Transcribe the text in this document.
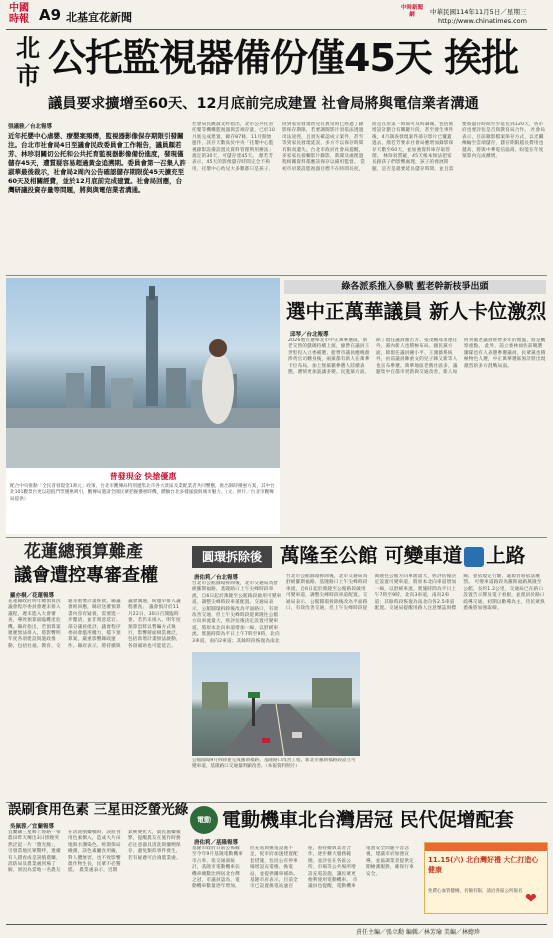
中國時報 A9 北基宜花新聞
中時新聞網	中華民國114年11月5日／星期三
http://www.chinatimes.com
北市 公托監視器備份僅45天 挨批
議員要求擴增至60天、12月底前完成建置 社會局將與電信業者溝通
張議雅／台北報導
近年托嬰中心虐嬰、療嬰案頻傳，監視器影像保存期限引發關注。台北市社會局4日至議會民政委員會工作報告，議員顏若芳、林珍羽關切公托和公共托育監視器影像備份進度，發現僅儲存45天，遭質疑容易超過黃金追溯期。委員會第一召集人許淑華最後裁示，社會局2周內公告確認儲存期限從45天擴充至60天及相關經費，並於12月底前完成建置。社會局回應，台灣研議投資存量等問題，將與與電信業者溝通。
社會局長姚淑文昨指出，北市公共托育托嬰等機構監視器與雲端存量，已於10月底完成建置，錄存87條，11月開始運作，該存天數高於中央「托嬰中心監視錄影設備設置及資料管理利用辦法」規定的30天，可儲存達45天。 顏若芳表示，45天的影像儲存時間完全不夠用，托嬰中心幼兒大多數都只是孩子，回到家常發現幼兒有異常時已經過了錄影保存期限，若要調閱影片須依法透過司法途徑，且須先確認成立案件，甚至等到家長發現延誤，多方不以保存時間有限而遺失。台北市政府社會局提醒，多家家長接觸影片錄影，新聞及處理過程相關資料都應該保存以備用監督。 當初市府裝設監視器目標不在時間長度，而是在於第一時間可及時調閱，包括新增設計劃合有關鍵片段，甚至發生事件後，4月調查發現案件部分影片已覆蓋過去，顏若芳要求社會局應增加錄影保存天數至60天，並加強資料庫存取管理。 林珍羽質疑，45天根本無法把家長跟孩子們影響處理，孩子的發展問題，是否是就要延長儲存時間，並且需要將儲存時間至少延長到120天，各市府也要評估是否與教育局合作。 社會局表示，目前錄影檔案保存方式，以光纖傳輸至雲端儲存，儲存期限越長費用也越高，將與中華電信協商，盼能在年度預算內完成擴增。
普發現金 快搶優惠
配合中央推動「全民普發現金1萬元」政策，台北市觀傳局特別邀集北市各大景區及業配業者共同響應，推出限時優惠方案，其中台北101觀景台更以超值門票優惠吸引，觀傳局邀請全國民眾把握優惠時機，體驗台北多樣風貌與城市魅力。（文、照片／台北市觀傳局提供）
綠各派系推入參戰 藍老幹新枝爭出頭
選中正萬華議員 新人卡位激烈
邱琴／台北報導
2026地方選舉北市中正萬華選區，新老交替的戲碼持續上演，綠營在議員王世堅投入立委補選、藍營市議員應曉薇涉貪官司纏身後，兩黨都有新人在萬華卡位布局，加上無黨籍參選人陸續表態，選情更加詭譎多變。民進黨方面，除了現任議員顏若芳、張茂楠尋求連任外，黨內新人也積極布局。國民黨方面，除現任議員鍾小平、王鴻薇系統外，由前議員陳重文的兒子陳又新等人也宣布參選。萬華地區老舊社區多，議題集中在都市更新與交通改善，新人如何突破老議員經營多年的地盤，將是觀察重點。 此外，前立委林昶佐前競選團隊也有人表態參選議員，民眾黨也積極物色人選，中正萬華選區預計將出現激烈的多方混戰局面。
花蓮總預算難產
議會遭控專審查權
羅亦桐／花蓮報導
花蓮縣政府明年總預算因議會程序委員會遲未排入議程，遲未進入大會審查，導致預算面臨難產危機。縣府指出，若預算案遲遲無法排入，將影響明年度各項建設與施政推動，包括社福、教育、交通等重要計畫經費。縣議會則回應，縣府送審預算書內容有疑義，需要進一步釐清，並非刻意延宕。部分議員批評，議會程序委員會濫用權力，擋下預算案，嚴重影響縣政運作。縣府表示，將持續與議會溝通，盼儘早排入議程審查。 議會預計於11月22日、30日召開臨時會，若仍未排入，明年度預算恐將以暫編方式執行，影響層面相當廣泛，包括新增計畫無法啟動，各項補助也可能延宕。
圓環拆除後 萬隆至公館 可變車道 上路
唐佑莉／台北報導
台北市公館圓環拆除後，北市交通局為舒緩羅斯福路、基隆路口上午尖峰時段車流，自6日起於萬隆至公館路段啟用可變車道，調整尖峰時段車道配置。交通局表示，公館圓環拆除後改為平面路口，有效改善交通，但上午尖峰時段從萬隆往公館方向車流量大，經評估後決定設置可變車道，將原本北向車道增加一線，以舒緩車流。實施時間為平日上午7時至9時，北向3車道，南向2車道；其餘時段恢復為南北
台北市公館圓環拆除後，北市交通局為舒緩羅斯福路、基隆路口上午尖峰時段車流，自6日起於萬隆至公館路段啟用可變車道，調整尖峰時段車道配置。交通局表示，公館圓環拆除後改為平面路口，有效改善交通，但上午尖峰時段從萬隆往公館方向車流量大，經評估後決定設置可變車道，將原本北向車道增加一線，以舒緩車流。實施時間為平日上午7時至9時，北向3車道，南向2車道；其餘時段恢復為南北向各2.5車道配置。交通局提醒用路人注意號誌與標線，並依規定行駛，違規者將依法處罰。 可變車道路段為羅斯福路萬隆至公館，長約1.2公里，交通局已在路口設置告示牌及電子看板，並派員於路口疏導交通，初期以勸導為主，待民眾熟悉後將加強取締。
公館圓環9月拆除並完成羅斯福路、基隆路口改善工程，新北市羅斯福路段設立可變車道，基隆路口交通量明顯改善。（本報資料照片）
誤刷食用色素 三星田泛螢光綠
吳佩蓉／宜蘭報導
宜蘭縣三星鄉上將路一帶農田昨天傳出3日傍晚突然泛起一片「螢光綠」，引發當地民眾驚呼，連續有人錯看成是誤噴農藥，消防局及農業處到場了解，原因為當地一名農友在清洗噴藥桶時，誤將食用色素倒入，造成大片田地與水溝染色。經環保局檢測，該色素屬食用級，對人體無害，也不致影響農作物生長，民眾不必驚慌。 農業處表示，近期氣候變化大，農民施藥頻繁，提醒農友在施作時務必注意器具清洗與藥劑保存，避免類似事件發生，若有疑慮可洽詢農業處。
電動 電動機車北台灣居冠 民代促增配套
唐佑莉／基隆報導
基隆市政府日前公佈截至今年9月基隆電動機車市占率，依交通部統計，基隆市電動機車佔機車總數比例居北台灣之冠，市議員認為，電動機車數量逐年增加，但充電與換電設施不足，促市府加速建置配套措施，包括公有停車場增設充電樁、換電站，並提供購車補助。基隆市府表示，目前全市已設置換電站逾百座，將持續與業者合作，逐步擴大服務範圍，並評估在各區公所、市場等公共場所增設充電設施，讓民眾更便利使用電動機車。 市議員也提醒，電動機車電池安全問題不容忽視，建議市府加強宣導，並協調業者提供定期檢測服務，確保行車安全。
11.15(六) 北台灣好禮 大仁打造心健康
免費心血管健檢、名額有限，請洽各區公所報名 ❤
責任主編／張立勳 編輯／林芳瑜 美編／林總珍
